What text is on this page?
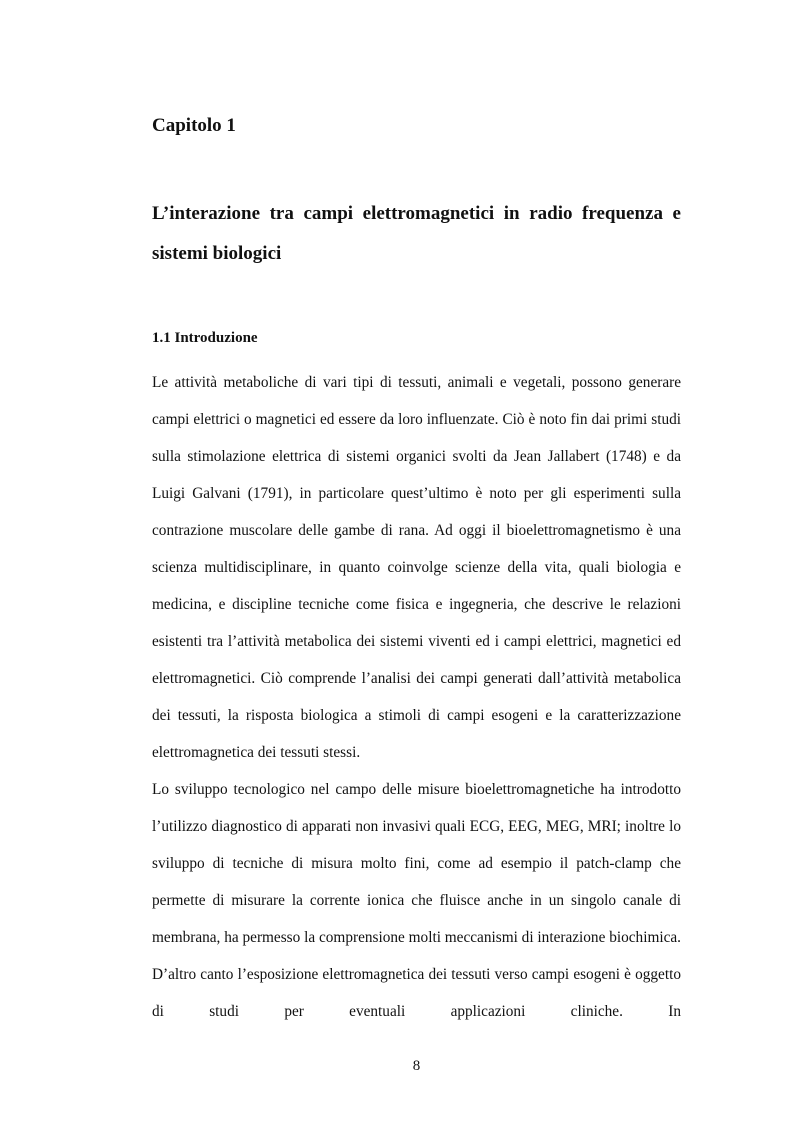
Capitolo 1
L’interazione tra campi elettromagnetici in radio frequenza e sistemi biologici
1.1 Introduzione

Le attività metaboliche di vari tipi di tessuti, animali e vegetali, possono generare campi elettrici o magnetici ed essere da loro influenzate. Ciò è noto fin dai primi studi sulla stimolazione elettrica di sistemi organici svolti da Jean Jallabert (1748) e da Luigi Galvani (1791), in particolare quest’ultimo è noto per gli esperimenti sulla contrazione muscolare delle gambe di rana. Ad oggi il bioelettromagnetismo è una scienza multidisciplinare, in quanto coinvolge scienze della vita, quali biologia e medicina, e discipline tecniche come fisica e ingegneria, che descrive le relazioni esistenti tra l’attività metabolica dei sistemi viventi ed i campi elettrici, magnetici ed elettromagnetici. Ciò comprende l’analisi dei campi generati dall’attività metabolica dei tessuti, la risposta biologica a stimoli di campi esogeni e la caratterizzazione elettromagnetica dei tessuti stessi.

Lo sviluppo tecnologico nel campo delle misure bioelettromagnetiche ha introdotto l’utilizzo diagnostico di apparati non invasivi quali ECG, EEG, MEG, MRI; inoltre lo sviluppo di tecniche di misura molto fini, come ad esempio il patch-clamp che permette di misurare la corrente ionica che fluisce anche in un singolo canale di membrana, ha permesso la comprensione molti meccanismi di interazione biochimica. D’altro canto l’esposizione elettromagnetica dei tessuti verso campi esogeni è oggetto di studi per eventuali applicazioni cliniche. In

8
